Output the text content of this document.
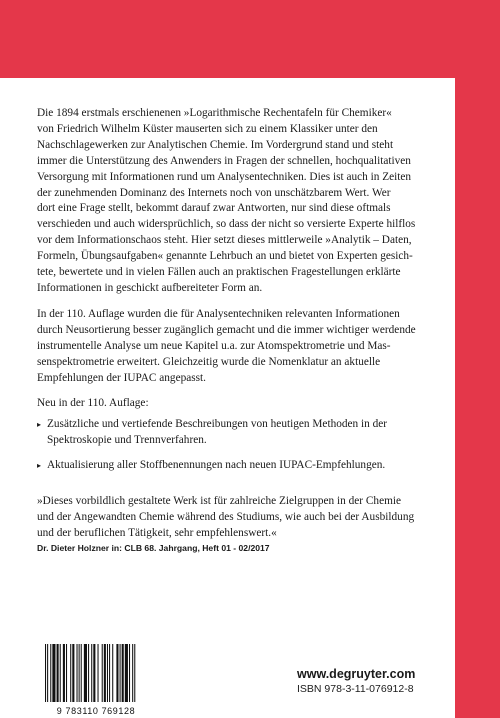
Die 1894 erstmals erschienenen »Logarithmische Rechentafeln für Chemiker«
von Friedrich Wilhelm Küster mauserten sich zu einem Klassiker unter den
Nachschlagewerken zur Analytischen Chemie. Im Vordergrund stand und steht
immer die Unterstützung des Anwenders in Fragen der schnellen, hochqualitativen
Versorgung mit Informationen rund um Analysentechniken. Dies ist auch in Zeiten
der zunehmenden Dominanz des Internets noch von unschätzbarem Wert. Wer
dort eine Frage stellt, bekommt darauf zwar Antworten, nur sind diese oftmals
verschieden und auch widersprüchlich, so dass der nicht so versierte Experte hilflos
vor dem Informationschaos steht. Hier setzt dieses mittlerweile »Analytik – Daten,
Formeln, Übungsaufgaben« genannte Lehrbuch an und bietet von Experten gesich-
tete, bewertete und in vielen Fällen auch an praktischen Fragestellungen erklärte
Informationen in geschickt aufbereiteter Form an.
In der 110. Auflage wurden die für Analysentechniken relevanten Informationen
durch Neusortierung besser zugänglich gemacht und die immer wichtiger werdende
instrumentelle Analyse um neue Kapitel u.a. zur Atomspektrometrie und Mas-
senspektrometrie erweitert. Gleichzeitig wurde die Nomenklatur an aktuelle
Empfehlungen der IUPAC angepasst.
Neu in der 110. Auflage:
▸ Zusätzliche und vertiefende Beschreibungen von heutigen Methoden in der
Spektroskopie und Trennverfahren.
▸ Aktualisierung aller Stoffbenennungen nach neuen IUPAC-Empfehlungen.
»Dieses vorbildlich gestaltete Werk ist für zahlreiche Zielgruppen in der Chemie
und der Angewandten Chemie während des Studiums, wie auch bei der Ausbildung
und der beruflichen Tätigkeit, sehr empfehlenswert.«
Dr. Dieter Holzner in: CLB 68. Jahrgang, Heft 01 - 02/2017
9 783110 769128
www.degruyter.com
ISBN 978-3-11-076912-8
